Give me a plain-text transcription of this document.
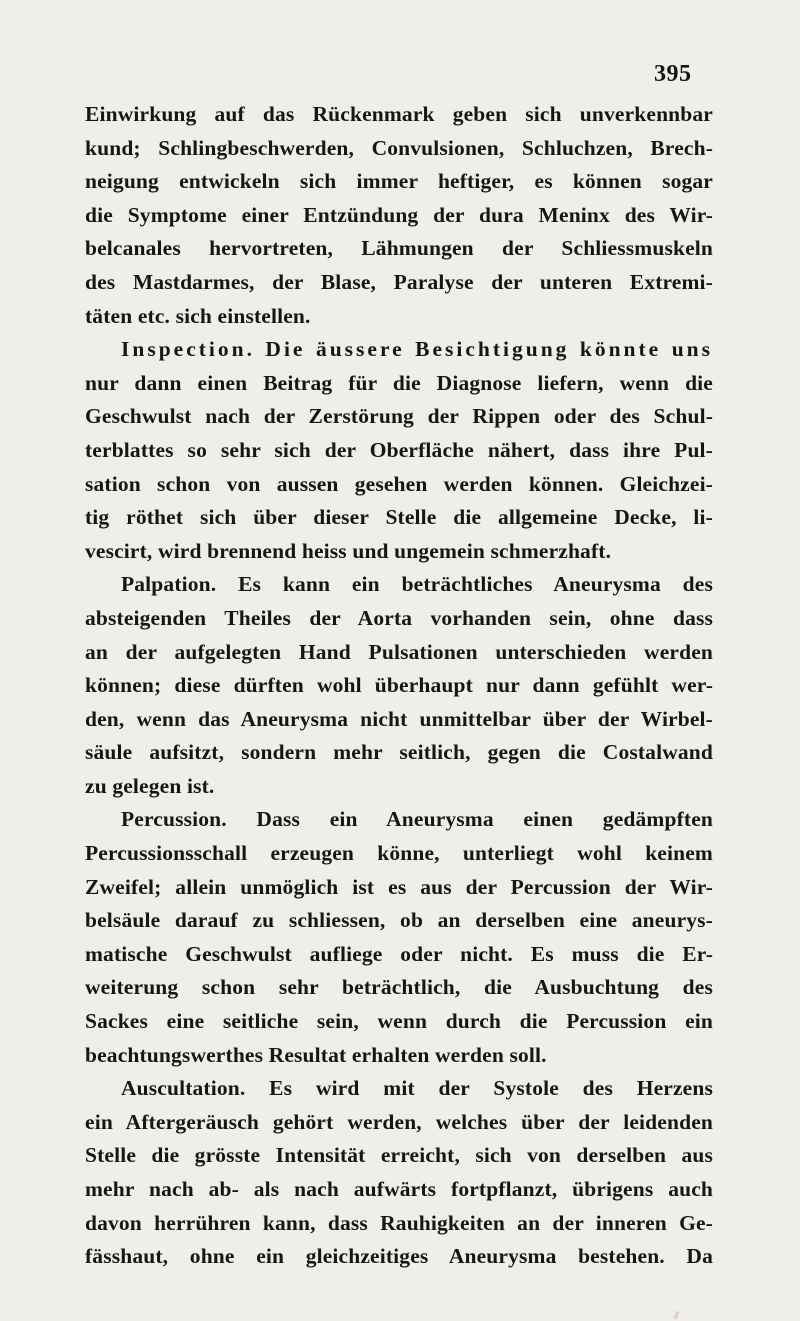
395
Einwirkung auf das Rückenmark geben sich unverkennbar
kund; Schlingbeschwerden, Convulsionen, Schluchzen, Brech-
neigung entwickeln sich immer heftiger, es können sogar
die Symptome einer Entzündung der dura Meninx des Wir-
belcanales hervortreten, Lähmungen der Schliessmuskeln
des Mastdarmes, der Blase, Paralyse der unteren Extremi-
täten etc. sich einstellen.
Inspection. Die äussere Besichtigung könnte uns
nur dann einen Beitrag für die Diagnose liefern, wenn die
Geschwulst nach der Zerstörung der Rippen oder des Schul-
terblattes so sehr sich der Oberfläche nähert, dass ihre Pul-
sation schon von aussen gesehen werden können. Gleichzei-
tig röthet sich über dieser Stelle die allgemeine Decke, li-
vescirt, wird brennend heiss und ungemein schmerzhaft.
Palpation. Es kann ein beträchtliches Aneurysma des
absteigenden Theiles der Aorta vorhanden sein, ohne dass
an der aufgelegten Hand Pulsationen unterschieden werden
können; diese dürften wohl überhaupt nur dann gefühlt wer-
den, wenn das Aneurysma nicht unmittelbar über der Wirbel-
säule aufsitzt, sondern mehr seitlich, gegen die Costalwand
zu gelegen ist.
Percussion. Dass ein Aneurysma einen gedämpften
Percussionsschall erzeugen könne, unterliegt wohl keinem
Zweifel; allein unmöglich ist es aus der Percussion der Wir-
belsäule darauf zu schliessen, ob an derselben eine aneurys-
matische Geschwulst aufliege oder nicht. Es muss die Er-
weiterung schon sehr beträchtlich, die Ausbuchtung des
Sackes eine seitliche sein, wenn durch die Percussion ein
beachtungswerthes Resultat erhalten werden soll.
Auscultation. Es wird mit der Systole des Herzens
ein Aftergeräusch gehört werden, welches über der leidenden
Stelle die grösste Intensität erreicht, sich von derselben aus
mehr nach ab- als nach aufwärts fortpflanzt, übrigens auch
davon herrühren kann, dass Rauhigkeiten an der inneren Ge-
fässhaut, ohne ein gleichzeitiges Aneurysma bestehen. Da
